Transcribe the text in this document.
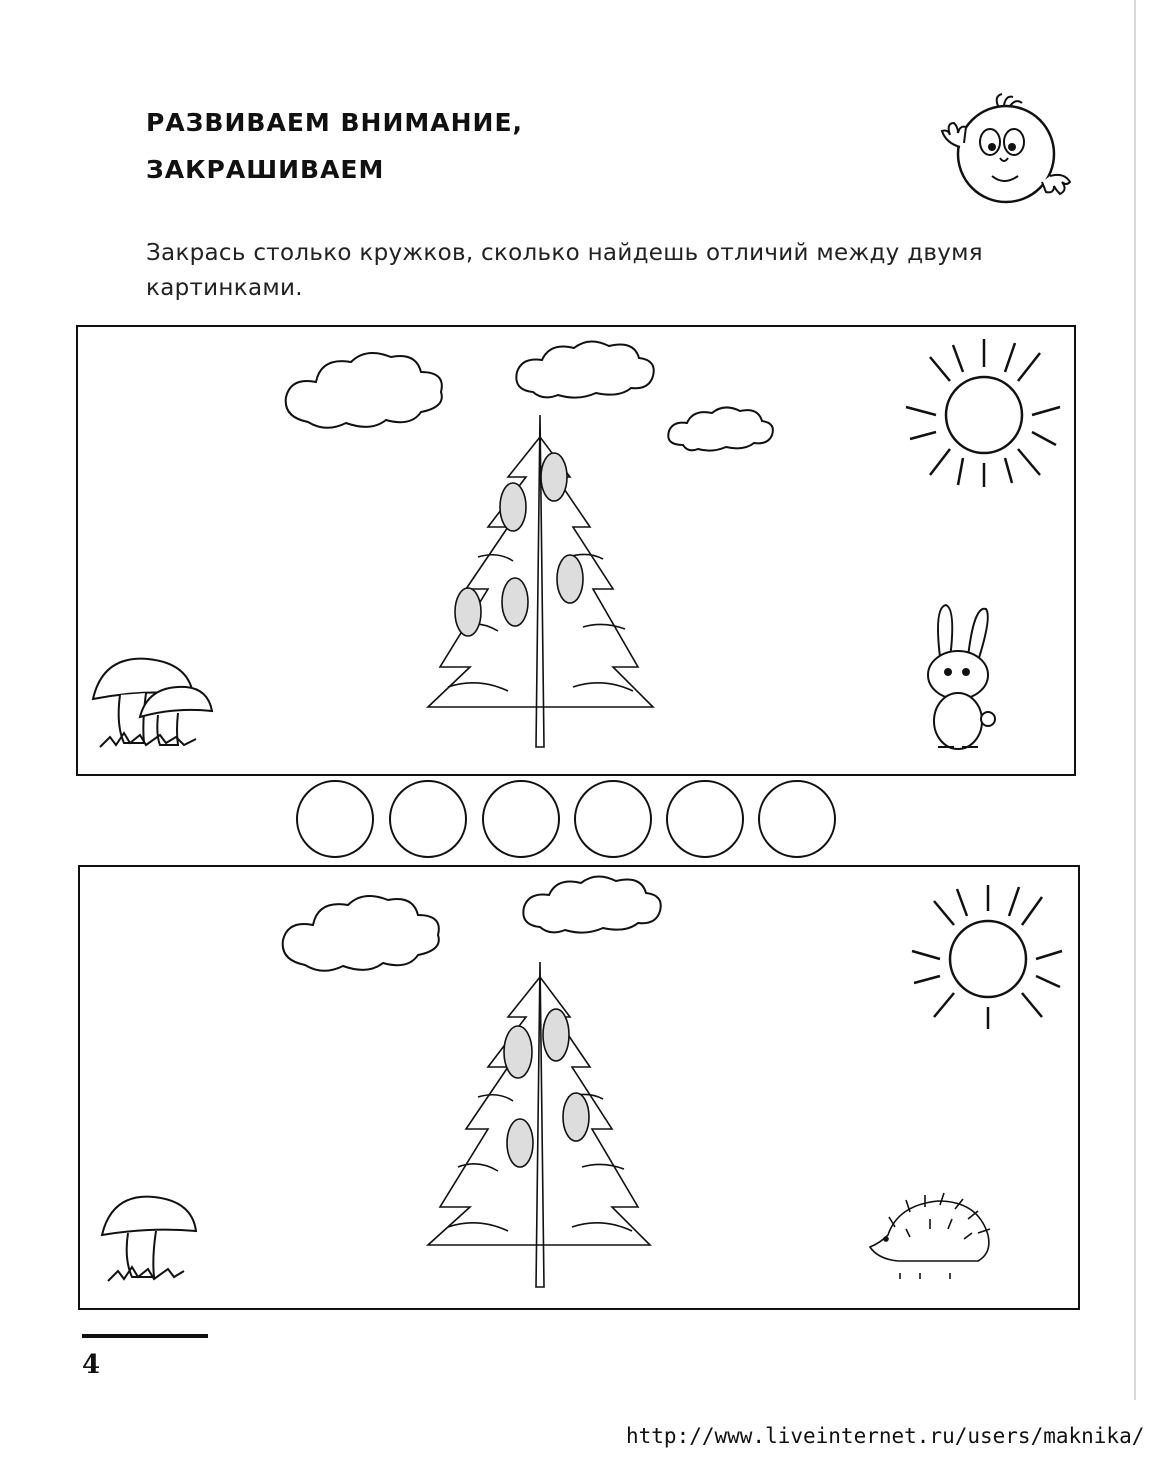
РАЗВИВАЕМ ВНИМАНИЕ,
ЗАКРАШИВАЕМ
Закрась столько кружков, сколько найдешь отличий между двумя картинками.
4
http://www.liveinternet.ru/users/maknika/
